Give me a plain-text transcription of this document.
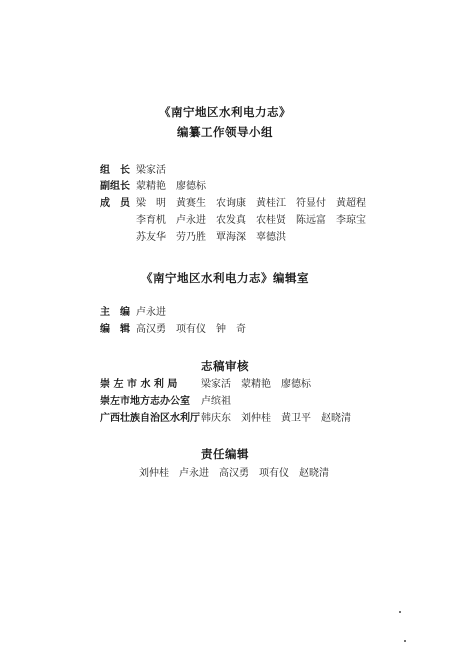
《南宁地区水利电力志》
编纂工作领导小组
组　长 梁家活
副组长 蒙精艳 廖德标
成　员 梁　明 黄赛生 农询康 黄桂江 符显付 黄超程
李育机 卢永进 农发真 农桂贤 陈远富 李琼宝
苏友华 劳乃胜 覃海深 辜德洪
《南宁地区水利电力志》编辑室
主　编 卢永进
编　辑 高汉勇 项有仪 钟　奇
志稿审核
崇 左 市 水 利 局	梁家活 蒙精艳 廖德标
崇左市地方志办公室	卢缤祖
广西壮族自治区水利厅 韩庆东 刘仲桂 黄卫平 赵晓清
责任编辑
刘仲桂 卢永进 高汉勇 项有仪 赵晓清
